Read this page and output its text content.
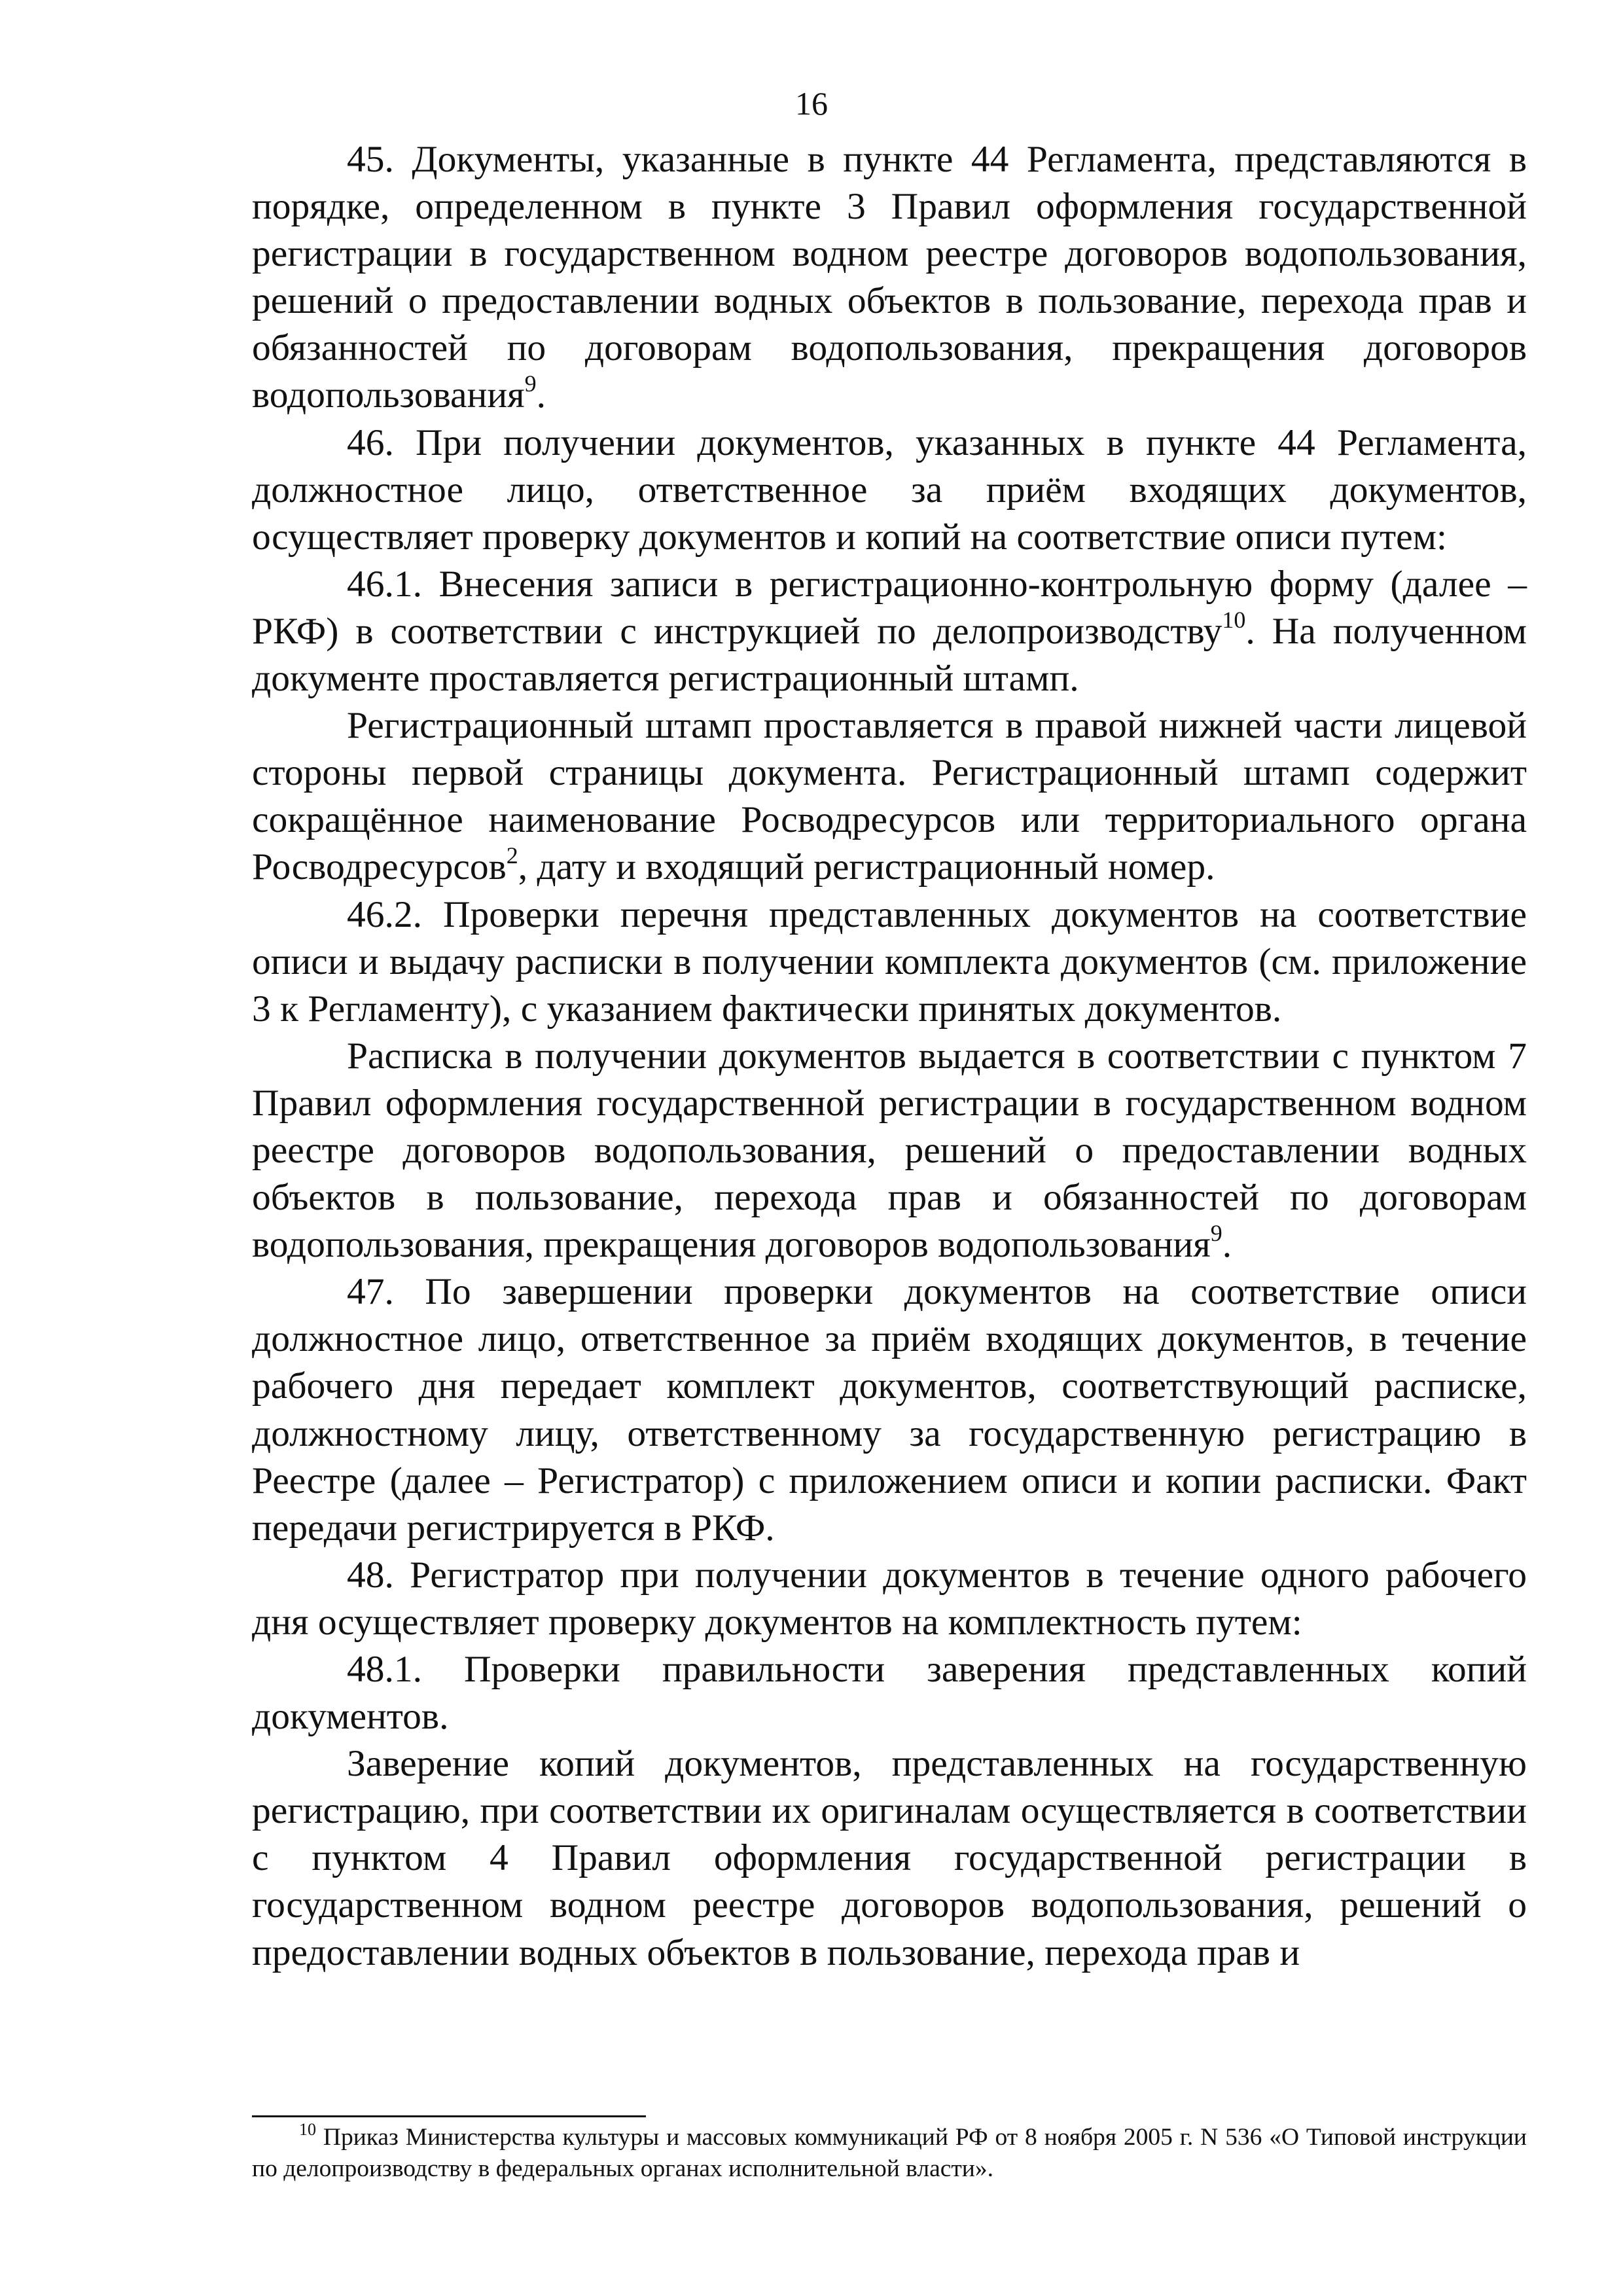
16

45. Документы, указанные в пункте 44 Регламента, представляются в порядке, определенном в пункте 3 Правил оформления государственной регистрации в государственном водном реестре договоров водопользования, решений о предоставлении водных объектов в пользование, перехода прав и обязанностей по договорам водопользования, прекращения договоров водопользования$^9$.

46. При получении документов, указанных в пункте 44 Регламента, должностное лицо, ответственное за приём входящих документов, осуществляет проверку документов и копий на соответствие описи путем:

46.1. Внесения записи в регистрационно-контрольную форму (далее – РКФ) в соответствии с инструкцией по делопроизводству$^{10}$. На полученном документе проставляется регистрационный штамп.

Регистрационный штамп проставляется в правой нижней части лицевой стороны первой страницы документа. Регистрационный штамп содержит сокращённое наименование Росводресурсов или территориального органа Росводресурсов$^2$, дату и входящий регистрационный номер.

46.2. Проверки перечня представленных документов на соответствие описи и выдачу расписки в получении комплекта документов (см. приложение 3 к Регламенту), с указанием фактически принятых документов.

Расписка в получении документов выдается в соответствии с пунктом 7 Правил оформления государственной регистрации в государственном водном реестре договоров водопользования, решений о предоставлении водных объектов в пользование, перехода прав и обязанностей по договорам водопользования, прекращения договоров водопользования$^9$.

47. По завершении проверки документов на соответствие описи должностное лицо, ответственное за приём входящих документов, в течение рабочего дня передает комплект документов, соответствующий расписке, должностному лицу, ответственному за государственную регистрацию в Реестре (далее – Регистратор) с приложением описи и копии расписки. Факт передачи регистрируется в РКФ.

48. Регистратор при получении документов в течение одного рабочего дня осуществляет проверку документов на комплектность путем:

48.1. Проверки правильности заверения представленных копий документов.

Заверение копий документов, представленных на государственную регистрацию, при соответствии их оригиналам осуществляется в соответствии с пунктом 4 Правил оформления государственной регистрации в государственном водном реестре договоров водопользования, решений о предоставлении водных объектов в пользование, перехода прав и

$^{10}$ Приказ Министерства культуры и массовых коммуникаций РФ от 8 ноября 2005 г. N 536 «О Типовой инструкции по делопроизводству в федеральных органах исполнительной власти».
